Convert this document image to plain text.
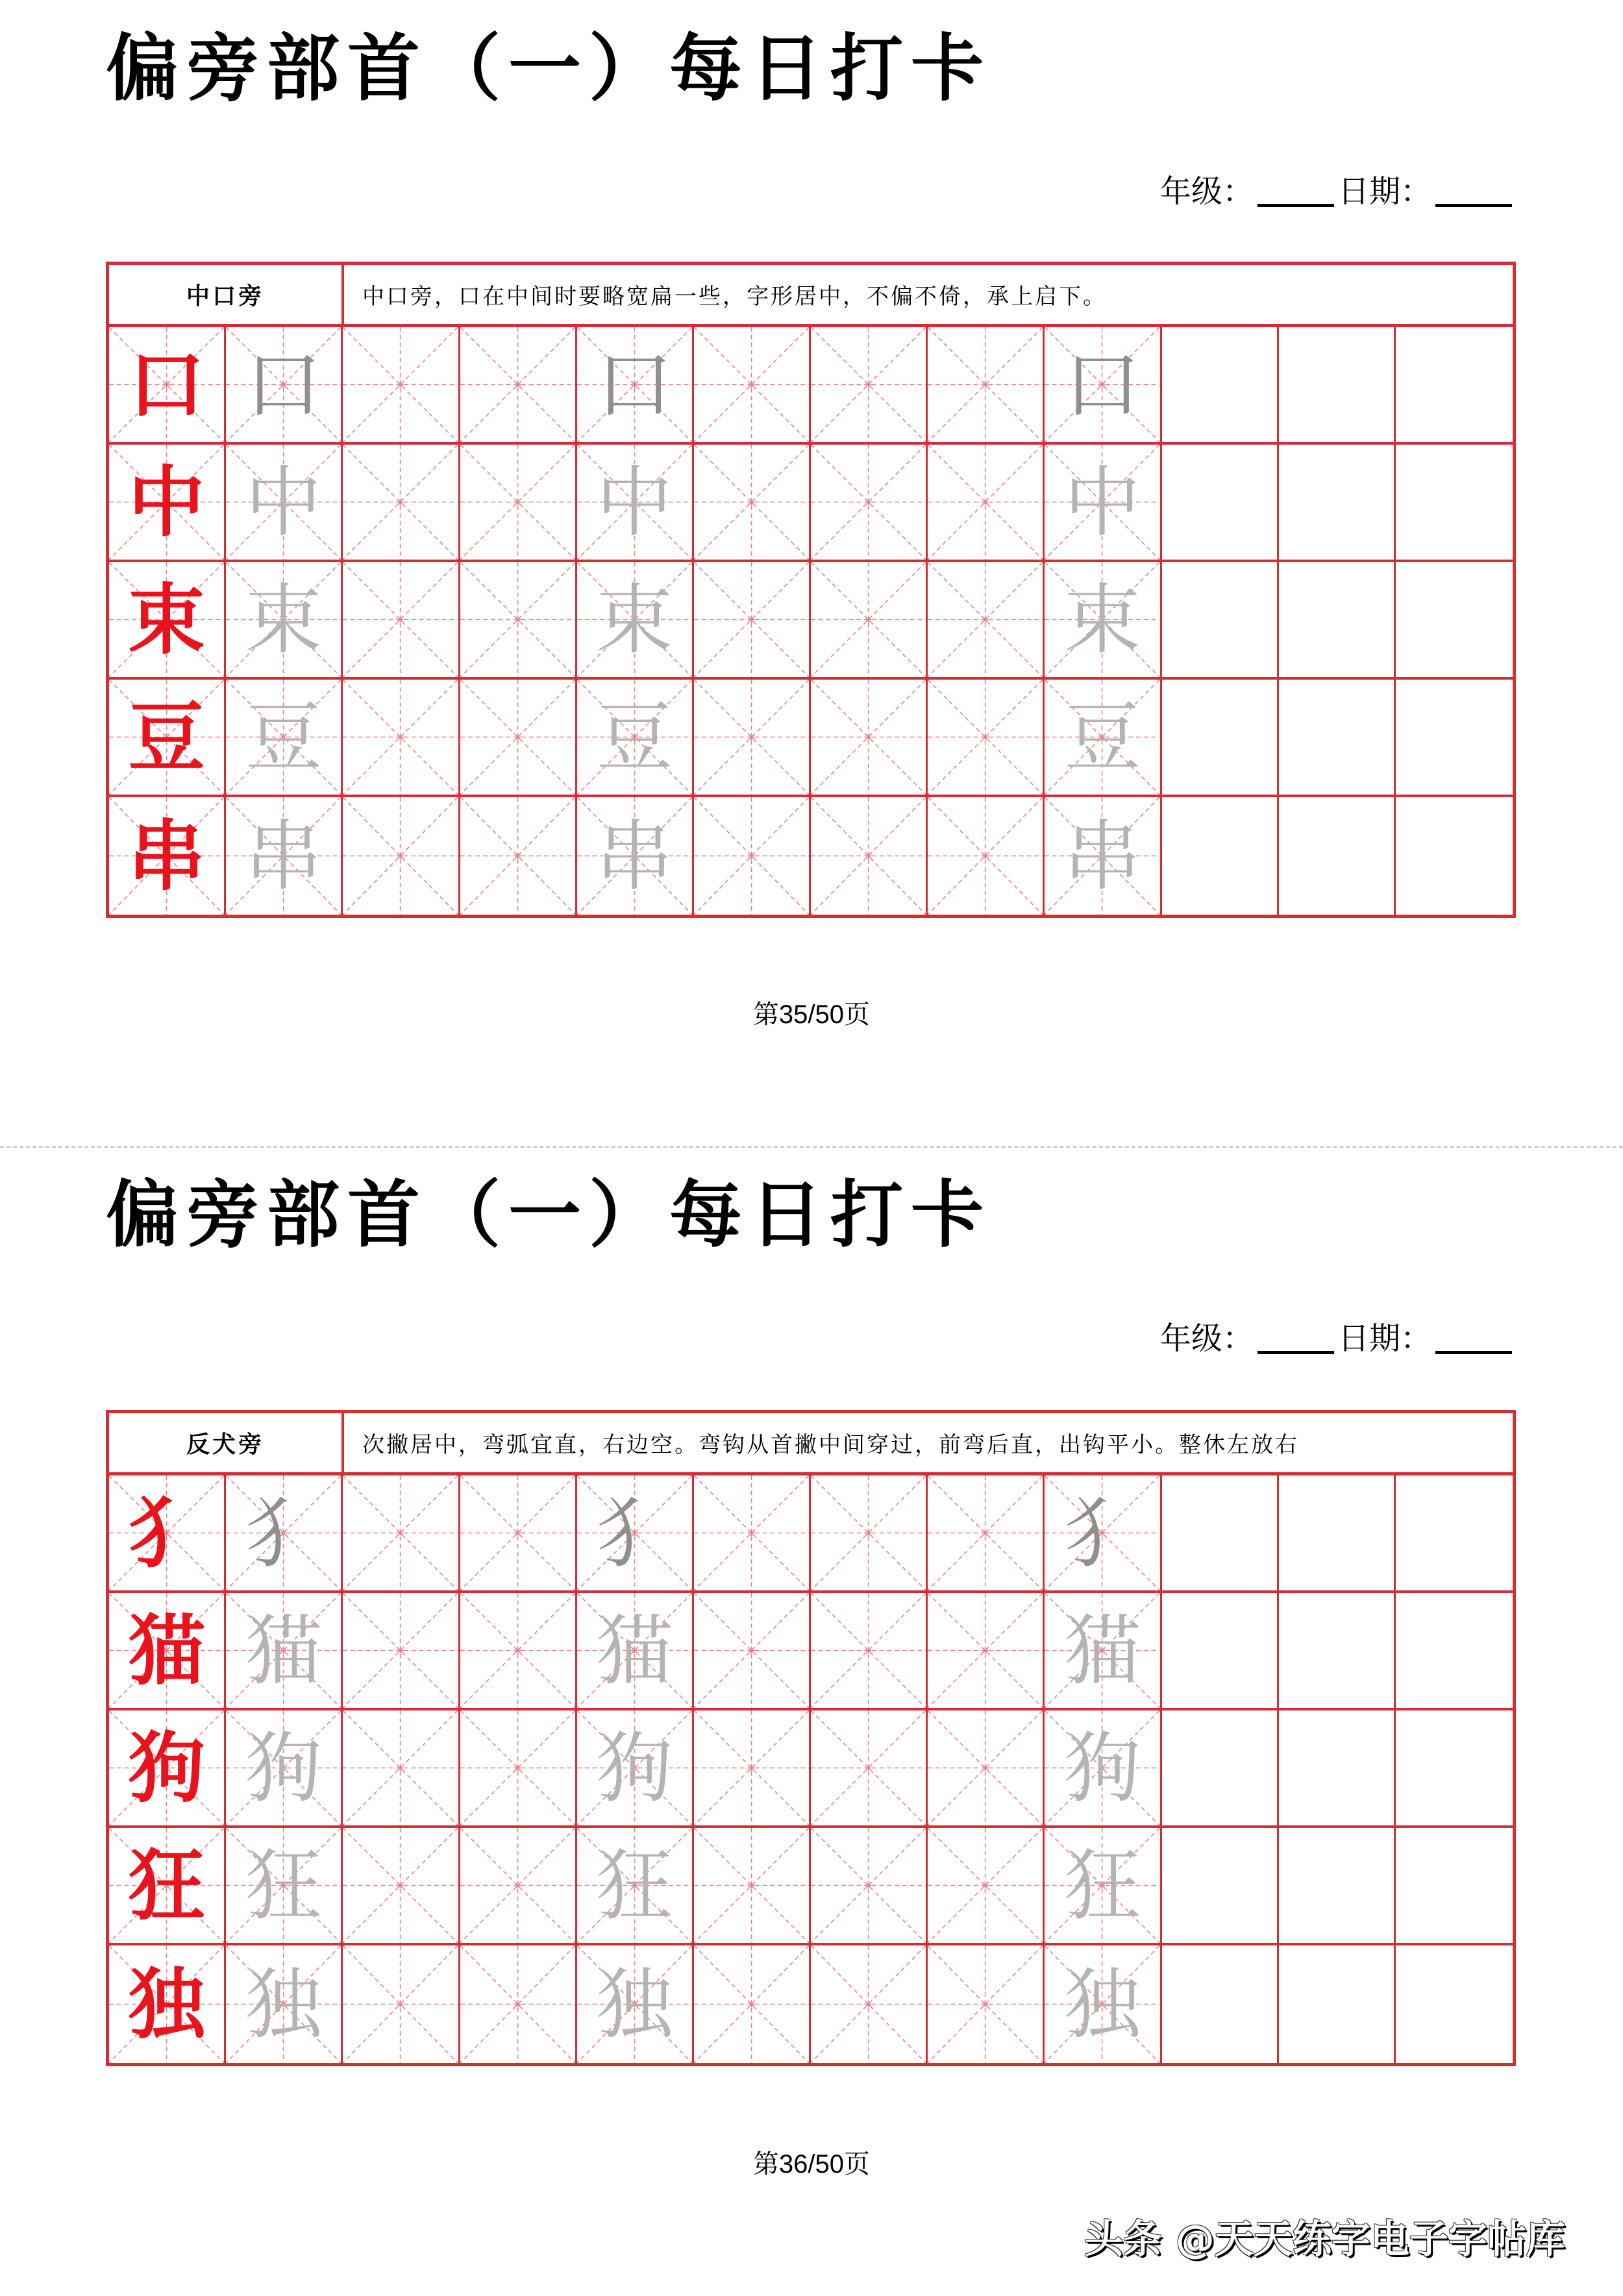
偏旁部首（一）每日打卡
年级：	日期：
中口旁	中口旁，口在中间时要略宽扁一些，字形居中，不偏不倚，承上启下。
口 口	口	口
中 中	中	中
束 束	束	束
豆 豆	豆	豆
串 串	串	串
第35/50页
偏旁部首（一）每日打卡
年级：	日期：
反犬旁	次撇居中，弯弧宜直，右边空。弯钩从首撇中间穿过，前弯后直，出钩平小。整休左放右
犭 犭	犭	犭
猫 猫	猫	猫
狗 狗	狗	狗
狂 狂	狂	狂
独 独	独	独
第36/50页
头条 @天天练字电子字帖库
